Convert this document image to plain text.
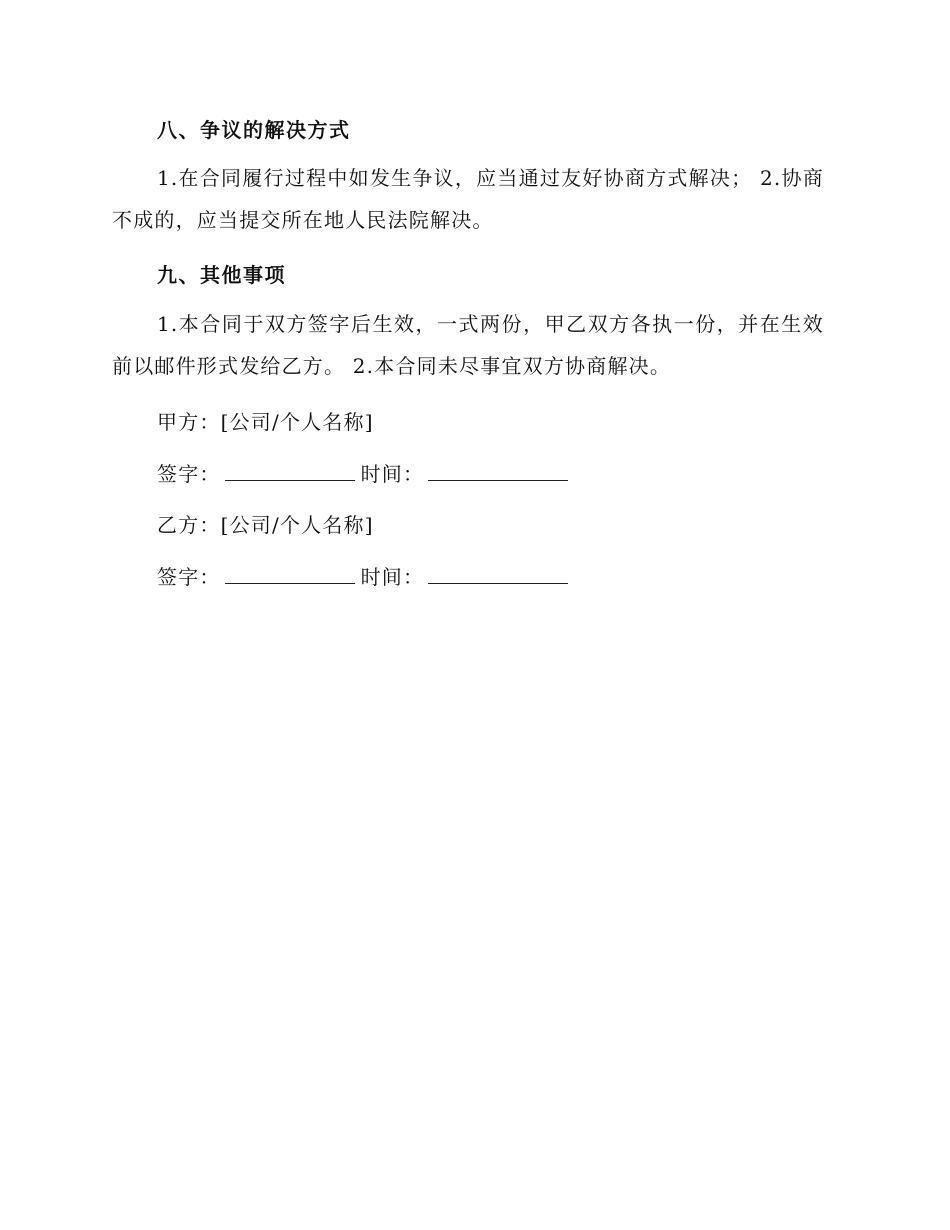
八、争议的解决方式
1.在合同履行过程中如发生争议，应当通过友好协商方式解决； 2.协商不成的，应当提交所在地人民法院解决。
九、其他事项
1.本合同于双方签字后生效，一式两份，甲乙双方各执一份，并在生效前以邮件形式发给乙方。 2.本合同未尽事宜双方协商解决。
甲方：[公司/个人名称]
签字：	时间：
乙方：[公司/个人名称]
签字：	时间：
